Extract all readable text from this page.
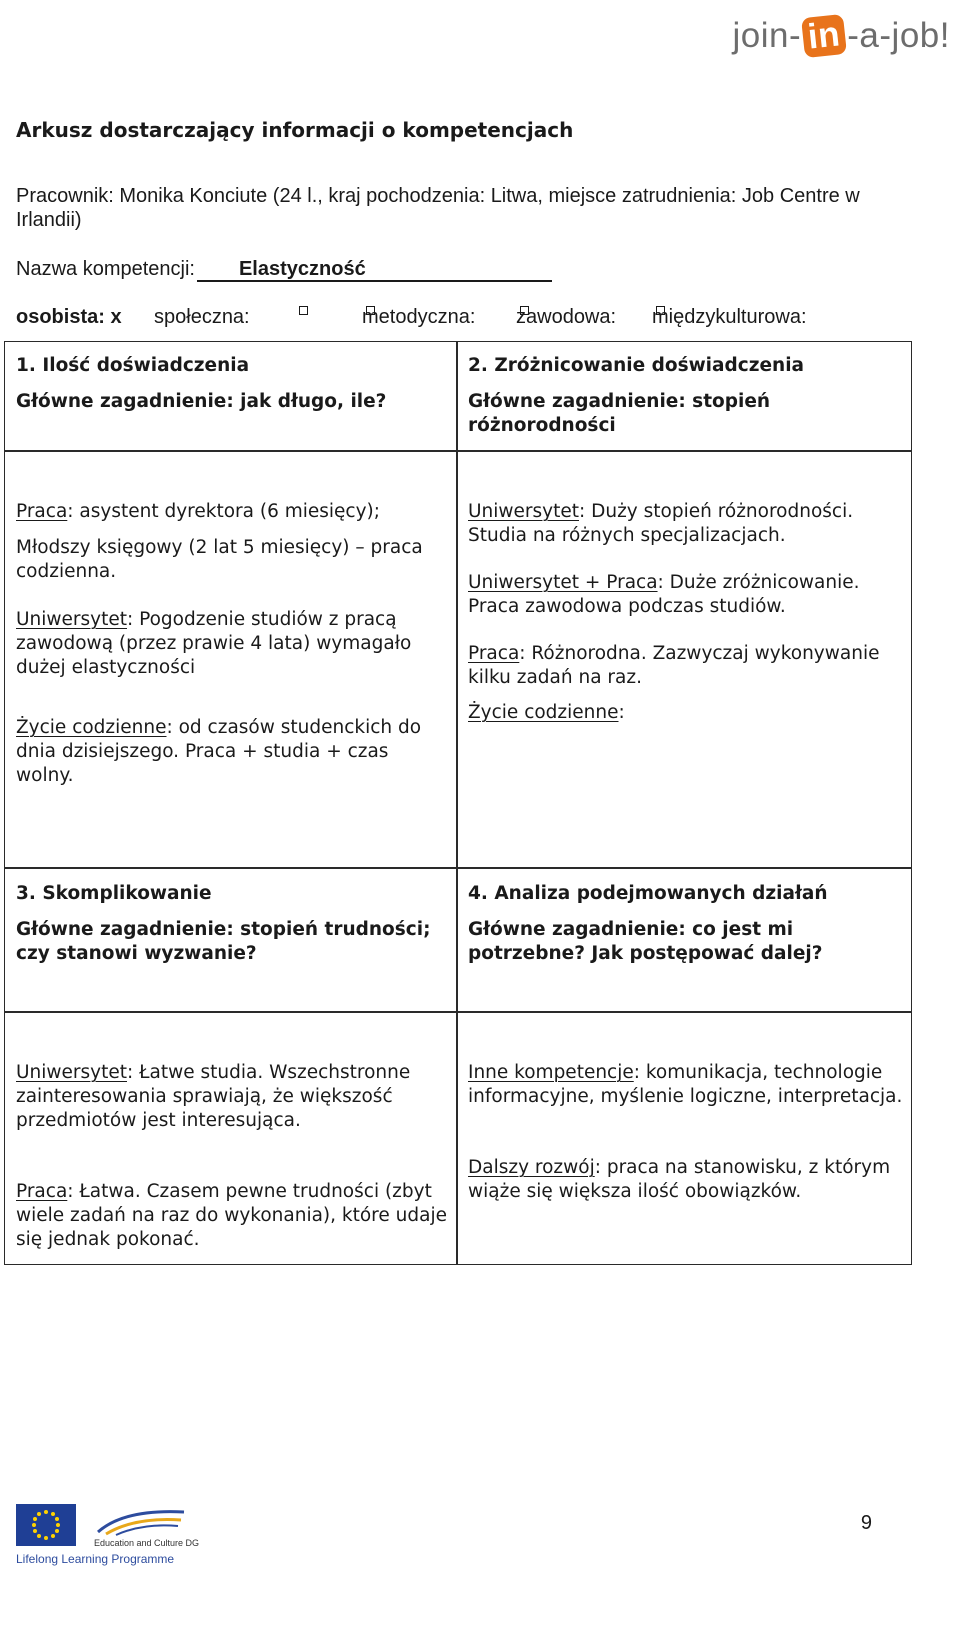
join- in -a-job!
Arkusz dostarczający informacji o kompetencjach
Pracownik: Monika Konciute (24 l., kraj pochodzenia: Litwa, miejsce zatrudnienia: Job Centre w Irlandii)
Nazwa kompetencji: Elastyczność
osobista: x społeczna:	metodyczna: zawodowa: międzykulturowa:

1. Ilość doświadczenia

Główne zagadnienie: jak długo, ile?

2. Zróżnicowanie doświadczenia

Główne zagadnienie: stopień różnorodności

Praca: asystent dyrektora (6 miesięcy);

Młodszy księgowy (2 lat 5 miesięcy) – praca codzienna.

Uniwersytet: Pogodzenie studiów z pracą zawodową (przez prawie 4 lata) wymagało dużej elastyczności

Życie codzienne: od czasów studenckich do dnia dzisiejszego. Praca + studia + czas wolny.

Uniwersytet: Duży stopień różnorodności. Studia na różnych specjalizacjach.

Uniwersytet + Praca: Duże zróżnicowanie. Praca zawodowa podczas studiów.

Praca: Różnorodna. Zazwyczaj wykonywanie kilku zadań na raz.

Życie codzienne:

3. Skomplikowanie

Główne zagadnienie: stopień trudności; czy stanowi wyzwanie?

4. Analiza podejmowanych działań

Główne zagadnienie: co jest mi potrzebne? Jak postępować dalej?

Uniwersytet: Łatwe studia. Wszechstronne zainteresowania sprawiają, że większość przedmiotów jest interesująca.

Praca: Łatwa. Czasem pewne trudności (zbyt wiele zadań na raz do wykonania), które udaje się jednak pokonać.

Inne kompetencje: komunikacja, technologie informacyjne, myślenie logiczne, interpretacja.

Dalszy rozwój: praca na stanowisku, z którym wiąże się większa ilość obowiązków.

Education and Culture DG
Lifelong Learning Programme
9
